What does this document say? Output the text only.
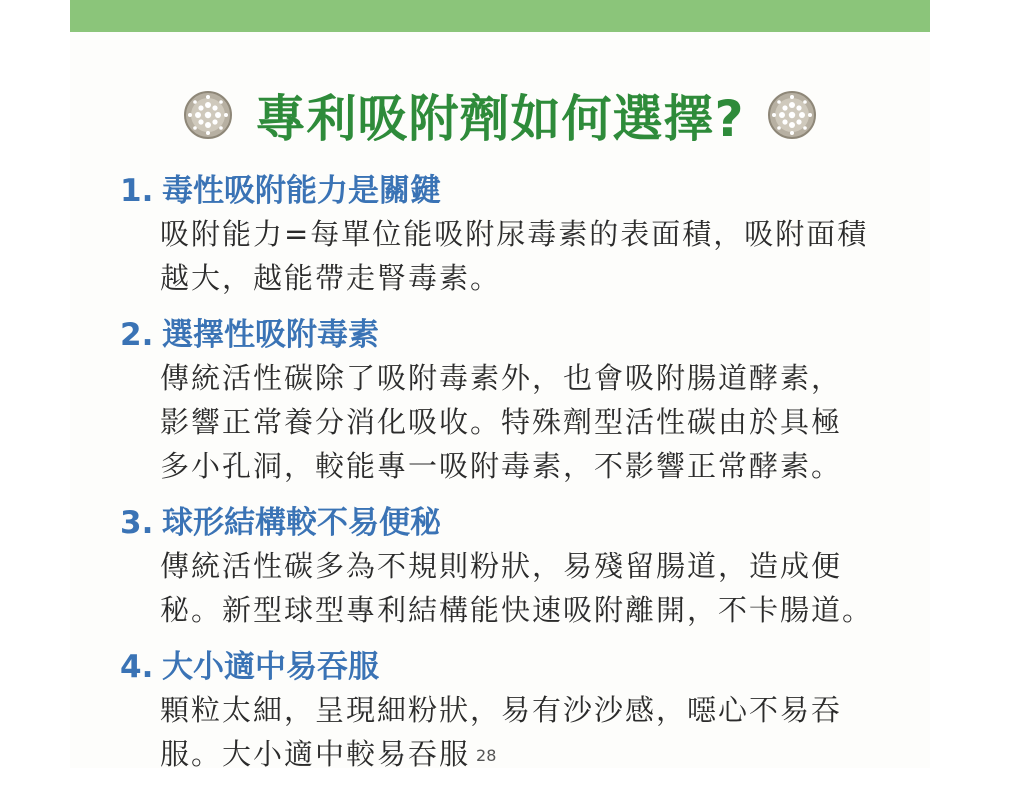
專利吸附劑如何選擇?
1. 毒性吸附能力是關鍵
吸附能力=每單位能吸附尿毒素的表面積，吸附面積
越大，越能帶走腎毒素。
2. 選擇性吸附毒素
傳統活性碳除了吸附毒素外，也會吸附腸道酵素，
影響正常養分消化吸收。特殊劑型活性碳由於具極
多小孔洞，較能專一吸附毒素，不影響正常酵素。
3. 球形結構較不易便秘
傳統活性碳多為不規則粉狀，易殘留腸道，造成便
秘。新型球型專利結構能快速吸附離開，不卡腸道。
4. 大小適中易吞服
顆粒太細，呈現細粉狀，易有沙沙感，噁心不易吞
服。大小適中較易吞服 28
